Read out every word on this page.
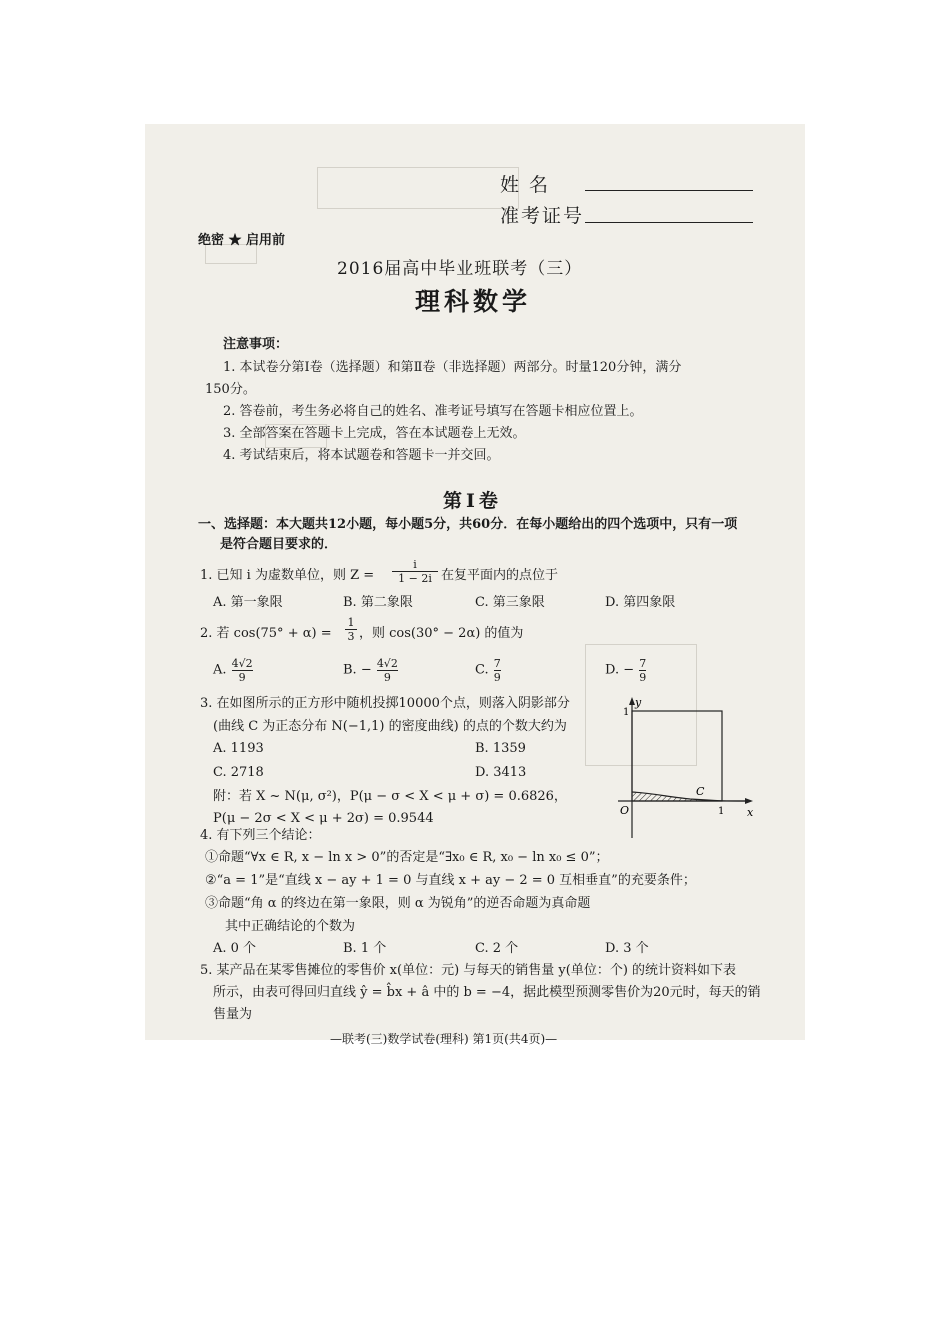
姓 名
准考证号
绝密 ★ 启用前
2016届高中毕业班联考（三）
理科数学
注意事项：
1. 本试卷分第Ⅰ卷（选择题）和第Ⅱ卷（非选择题）两部分。时量120分钟，满分
150分。
2. 答卷前，考生务必将自己的姓名、准考证号填写在答题卡相应位置上。
3. 全部答案在答题卡上完成，答在本试题卷上无效。
4. 考试结束后，将本试题卷和答题卡一并交回。
第Ⅰ卷
一、选择题：本大题共12小题，每小题5分，共60分．在每小题给出的四个选项中，只有一项
是符合题目要求的．
1. 已知 i 为虚数单位，则 $Z = \frac{i}{1 - 2i}$ 在复平面内的点位于
A. 第一象限	B. 第二象限	C. 第三象限	D. 第四象限
2. 若 $\cos(75^\circ + \alpha) = \frac{1}{3}$ ，则 cos(30° − 2α) 的值为
A. $\frac{4√2}{9}$	B. − $\frac{4√2}{9}$	C. $\frac{7}{9}$	D. − $\frac{7}{9}$
3. 在如图所示的正方形中随机投掷10000个点，则落入阴影部分
(曲线 C 为正态分布 N(−1,1) 的密度曲线) 的点的个数大约为
A. 1193	B. 1359
C. 2718	D. 3413
附：若 X ~ N(μ, σ²)，P(μ − σ < X < μ + σ) = 0.6826，
P(μ − 2σ < X < μ + 2σ) = 0.9544
y
x
O	1
1
C
4. 有下列三个结论：
①命题“∀x ∈ R, x − ln x > 0”的否定是“∃x₀ ∈ R, x₀ − ln x₀ ≤ 0”；
②“a = 1”是“直线 x − ay + 1 = 0 与直线 x + ay − 2 = 0 互相垂直”的充要条件；
③命题“角 α 的终边在第一象限，则 α 为锐角”的逆否命题为真命题
其中正确结论的个数为
A. 0 个	B. 1 个	C. 2 个	D. 3 个
5. 某产品在某零售摊位的零售价 x(单位：元) 与每天的销售量 y(单位：个) 的统计资料如下表
所示，由表可得回归直线 ŷ = b̂x + â 中的 b = −4，据此模型预测零售价为20元时，每天的销
售量为
—联考(三)数学试卷(理科) 第1页(共4页)—
